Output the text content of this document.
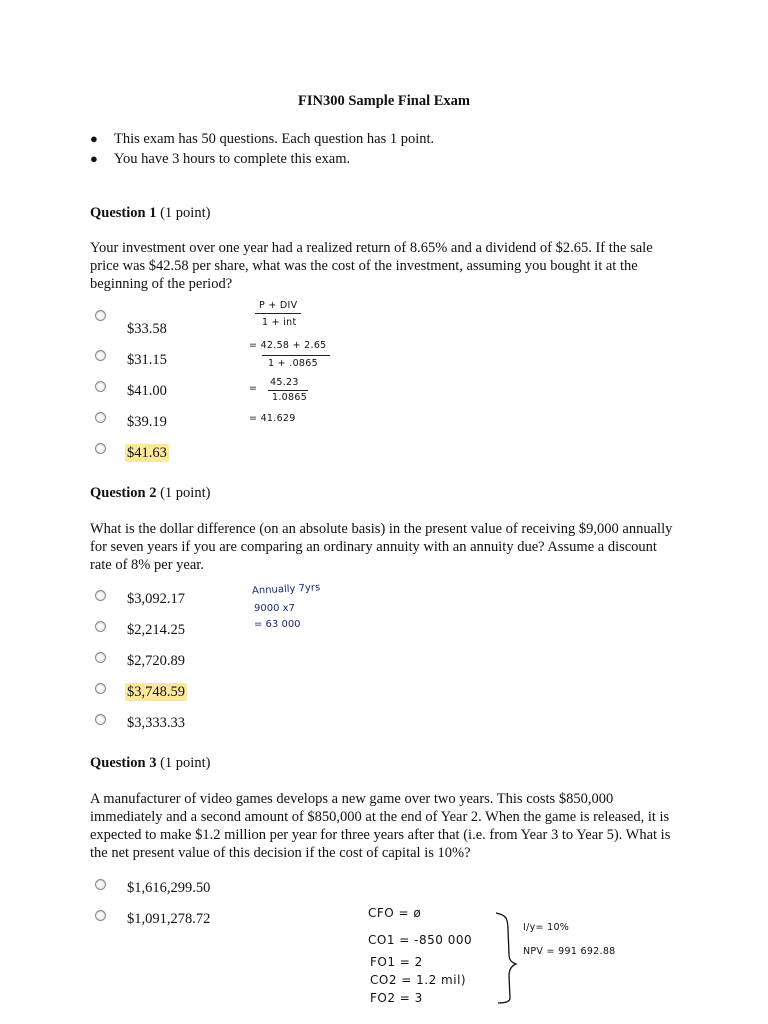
FIN300 Sample Final Exam
● This exam has 50 questions. Each question has 1 point.
● You have 3 hours to complete this exam.
Question 1 (1 point)
Your investment over one year had a realized return of 8.65% and a dividend of $2.65. If the sale price was $42.58 per share, what was the cost of the investment, assuming you bought it at the beginning of the period?
$33.58
$31.15
$41.00
$39.19
$41.63
P + DIV
1 + int
= 42.58 + 2.65
1 + .0865
=
45.23
1.0865
= 41.629
Question 2 (1 point)
What is the dollar difference (on an absolute basis) in the present value of receiving $9,000 annually for seven years if you are comparing an ordinary annuity with an annuity due? Assume a discount rate of 8% per year.
$3,092.17
$2,214.25
$2,720.89
$3,748.59
$3,333.33
Annually 7yrs
9000 x7
= 63 000
Question 3 (1 point)
A manufacturer of video games develops a new game over two years. This costs $850,000 immediately and a second amount of $850,000 at the end of Year 2. When the game is released, it is expected to make $1.2 million per year for three years after that (i.e. from Year 3 to Year 5). What is the net present value of this decision if the cost of capital is 10%?
$1,616,299.50
$1,091,278.72	CFO = ø
CO1 = -850 000
FO1 = 2
CO2 = 1.2 mil)
FO2 = 3
I/y= 10%
NPV = 991 692.88
